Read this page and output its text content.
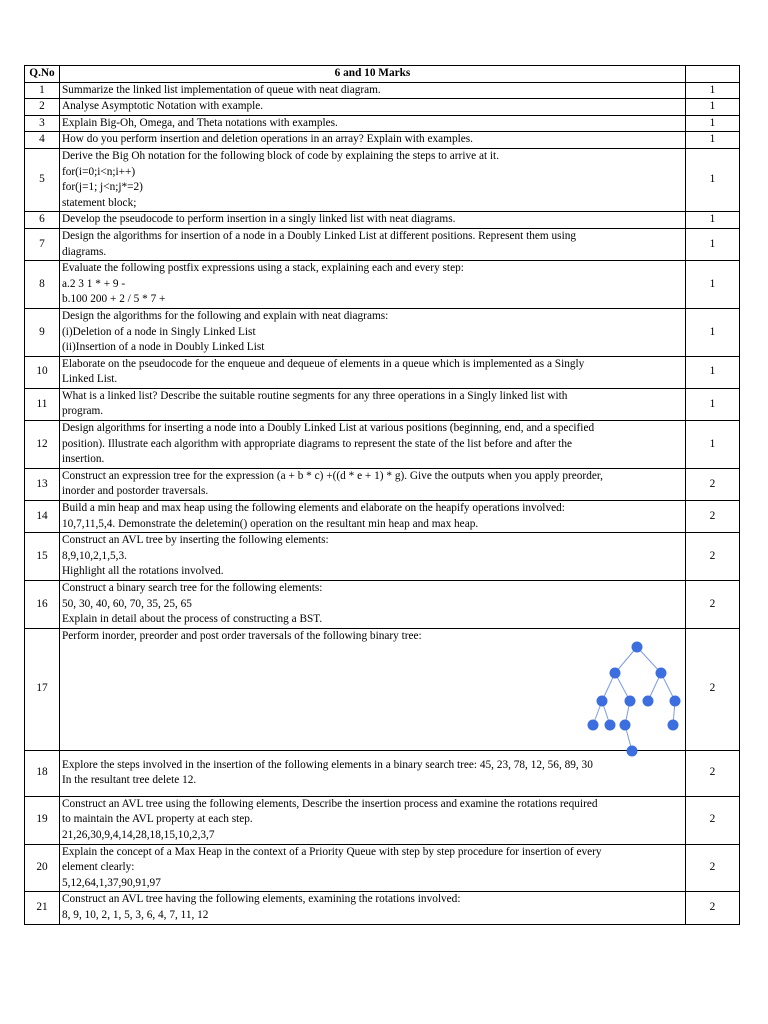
Q.No	6 and 10 Marks	
1	Summarize the linked list implementation of queue with neat diagram.	1
2	Analyse Asymptotic Notation with example.	1
3	Explain Big-Oh, Omega, and Theta notations with examples.	1
4	How do you perform insertion and deletion operations in an array? Explain with examples.	1
5	Derive the Big Oh notation for the following block of code by explaining the steps to arrive at it.
for(i=0;i<n;i++)
for(j=1; j<n;j*=2)
statement block;	1
6	Develop the pseudocode to perform insertion in a singly linked list with neat diagrams.	1
7	Design the algorithms for insertion of a node in a Doubly Linked List at different positions. Represent them using
diagrams.	1
8	Evaluate the following postfix expressions using a stack, explaining each and every step:
a.2 3 1 * + 9 -
b.100 200 + 2 / 5 * 7 +	1
9	Design the algorithms for the following and explain with neat diagrams:
(i)Deletion of a node in Singly Linked List
(ii)Insertion of a node in Doubly Linked List	1
10	Elaborate on the pseudocode for the enqueue and dequeue of elements in a queue which is implemented as a Singly
Linked List.	1
11	What is a linked list? Describe the suitable routine segments for any three operations in a Singly linked list with
program.	1
12	Design algorithms for inserting a node into a Doubly Linked List at various positions (beginning, end, and a specified
position). Illustrate each algorithm with appropriate diagrams to represent the state of the list before and after the
insertion.	1
13	Construct an expression tree for the expression (a + b * c) +((d * e + 1) * g). Give the outputs when you apply preorder,
inorder and postorder traversals.	2
14	Build a min heap and max heap using the following elements and elaborate on the heapify operations involved:
10,7,11,5,4. Demonstrate the deletemin() operation on the resultant min heap and max heap.	2
15	Construct an AVL tree by inserting the following elements:
8,9,10,2,1,5,3.
Highlight all the rotations involved.	2
16	Construct a binary search tree for the following elements:
50, 30, 40, 60, 70, 35, 25, 65
Explain in detail about the process of constructing a BST.	2
17	Perform inorder, preorder and post order traversals of the following binary tree:	2
18	Explore the steps involved in the insertion of the following elements in a binary search tree: 45, 23, 78, 12, 56, 89, 30
In the resultant tree delete 12.	2
19	Construct an AVL tree using the following elements, Describe the insertion process and examine the rotations required
to maintain the AVL property at each step.
21,26,30,9,4,14,28,18,15,10,2,3,7	2
20	Explain the concept of a Max Heap in the context of a Priority Queue with step by step procedure for insertion of every
element clearly:
5,12,64,1,37,90,91,97	2
21	Construct an AVL tree having the following elements, examining the rotations involved:
8, 9, 10, 2, 1, 5, 3, 6, 4, 7, 11, 12	2
